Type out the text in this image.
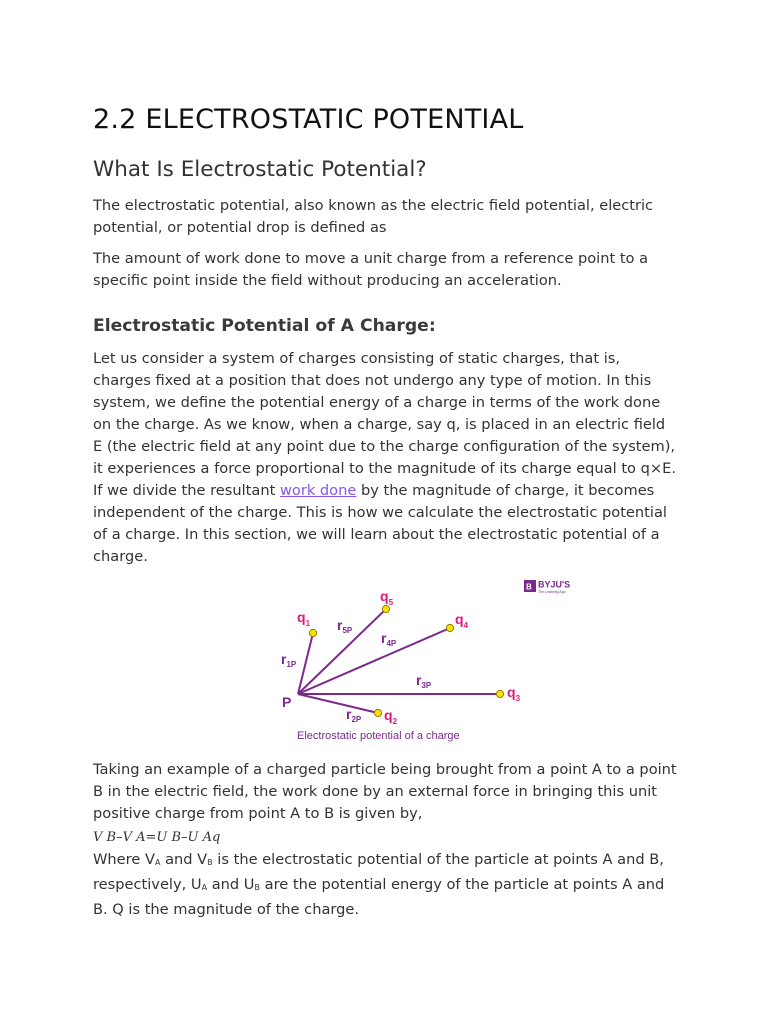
2.2 ELECTROSTATIC POTENTIAL
What Is Electrostatic Potential?

The electrostatic potential, also known as the electric field potential, electric potential, or potential drop is defined as

The amount of work done to move a unit charge from a reference point to a specific point inside the field without producing an acceleration.

Electrostatic Potential of A Charge:

Let us consider a system of charges consisting of static charges, that is, charges fixed at a position that does not undergo any type of motion. In this system, we define the potential energy of a charge in terms of the work done on the charge. As we know, when a charge, say q, is placed in an electric field E (the electric field at any point due to the charge configuration of the system), it experiences a force proportional to the magnitude of its charge equal to q×E. If we divide the resultant work done by the magnitude of charge, it becomes independent of the charge. This is how we calculate the electrostatic potential of a charge. In this section, we will learn about the electrostatic potential of a charge.

B BYJU'S
The Learning App
P
$q_1$
$q_5$
$q_4$
$q_3$
$q_2$
$r_{1P}$
$r_{5P}$ $r_{4P}$
$r_{3P}$
$r_{2P}$
Electrostatic potential of a charge

Taking an example of a charged particle being brought from a point A to a point B in the electric field, the work done by an external force in bringing this unit positive charge from point A to B is given by,

V B–V A=U B–U Aq

Where $V_A$ and $V_B$ is the electrostatic potential of the particle at points A and B, respectively, $U_A$ and $U_B$ are the potential energy of the particle at points A and B. Q is the magnitude of the charge.
